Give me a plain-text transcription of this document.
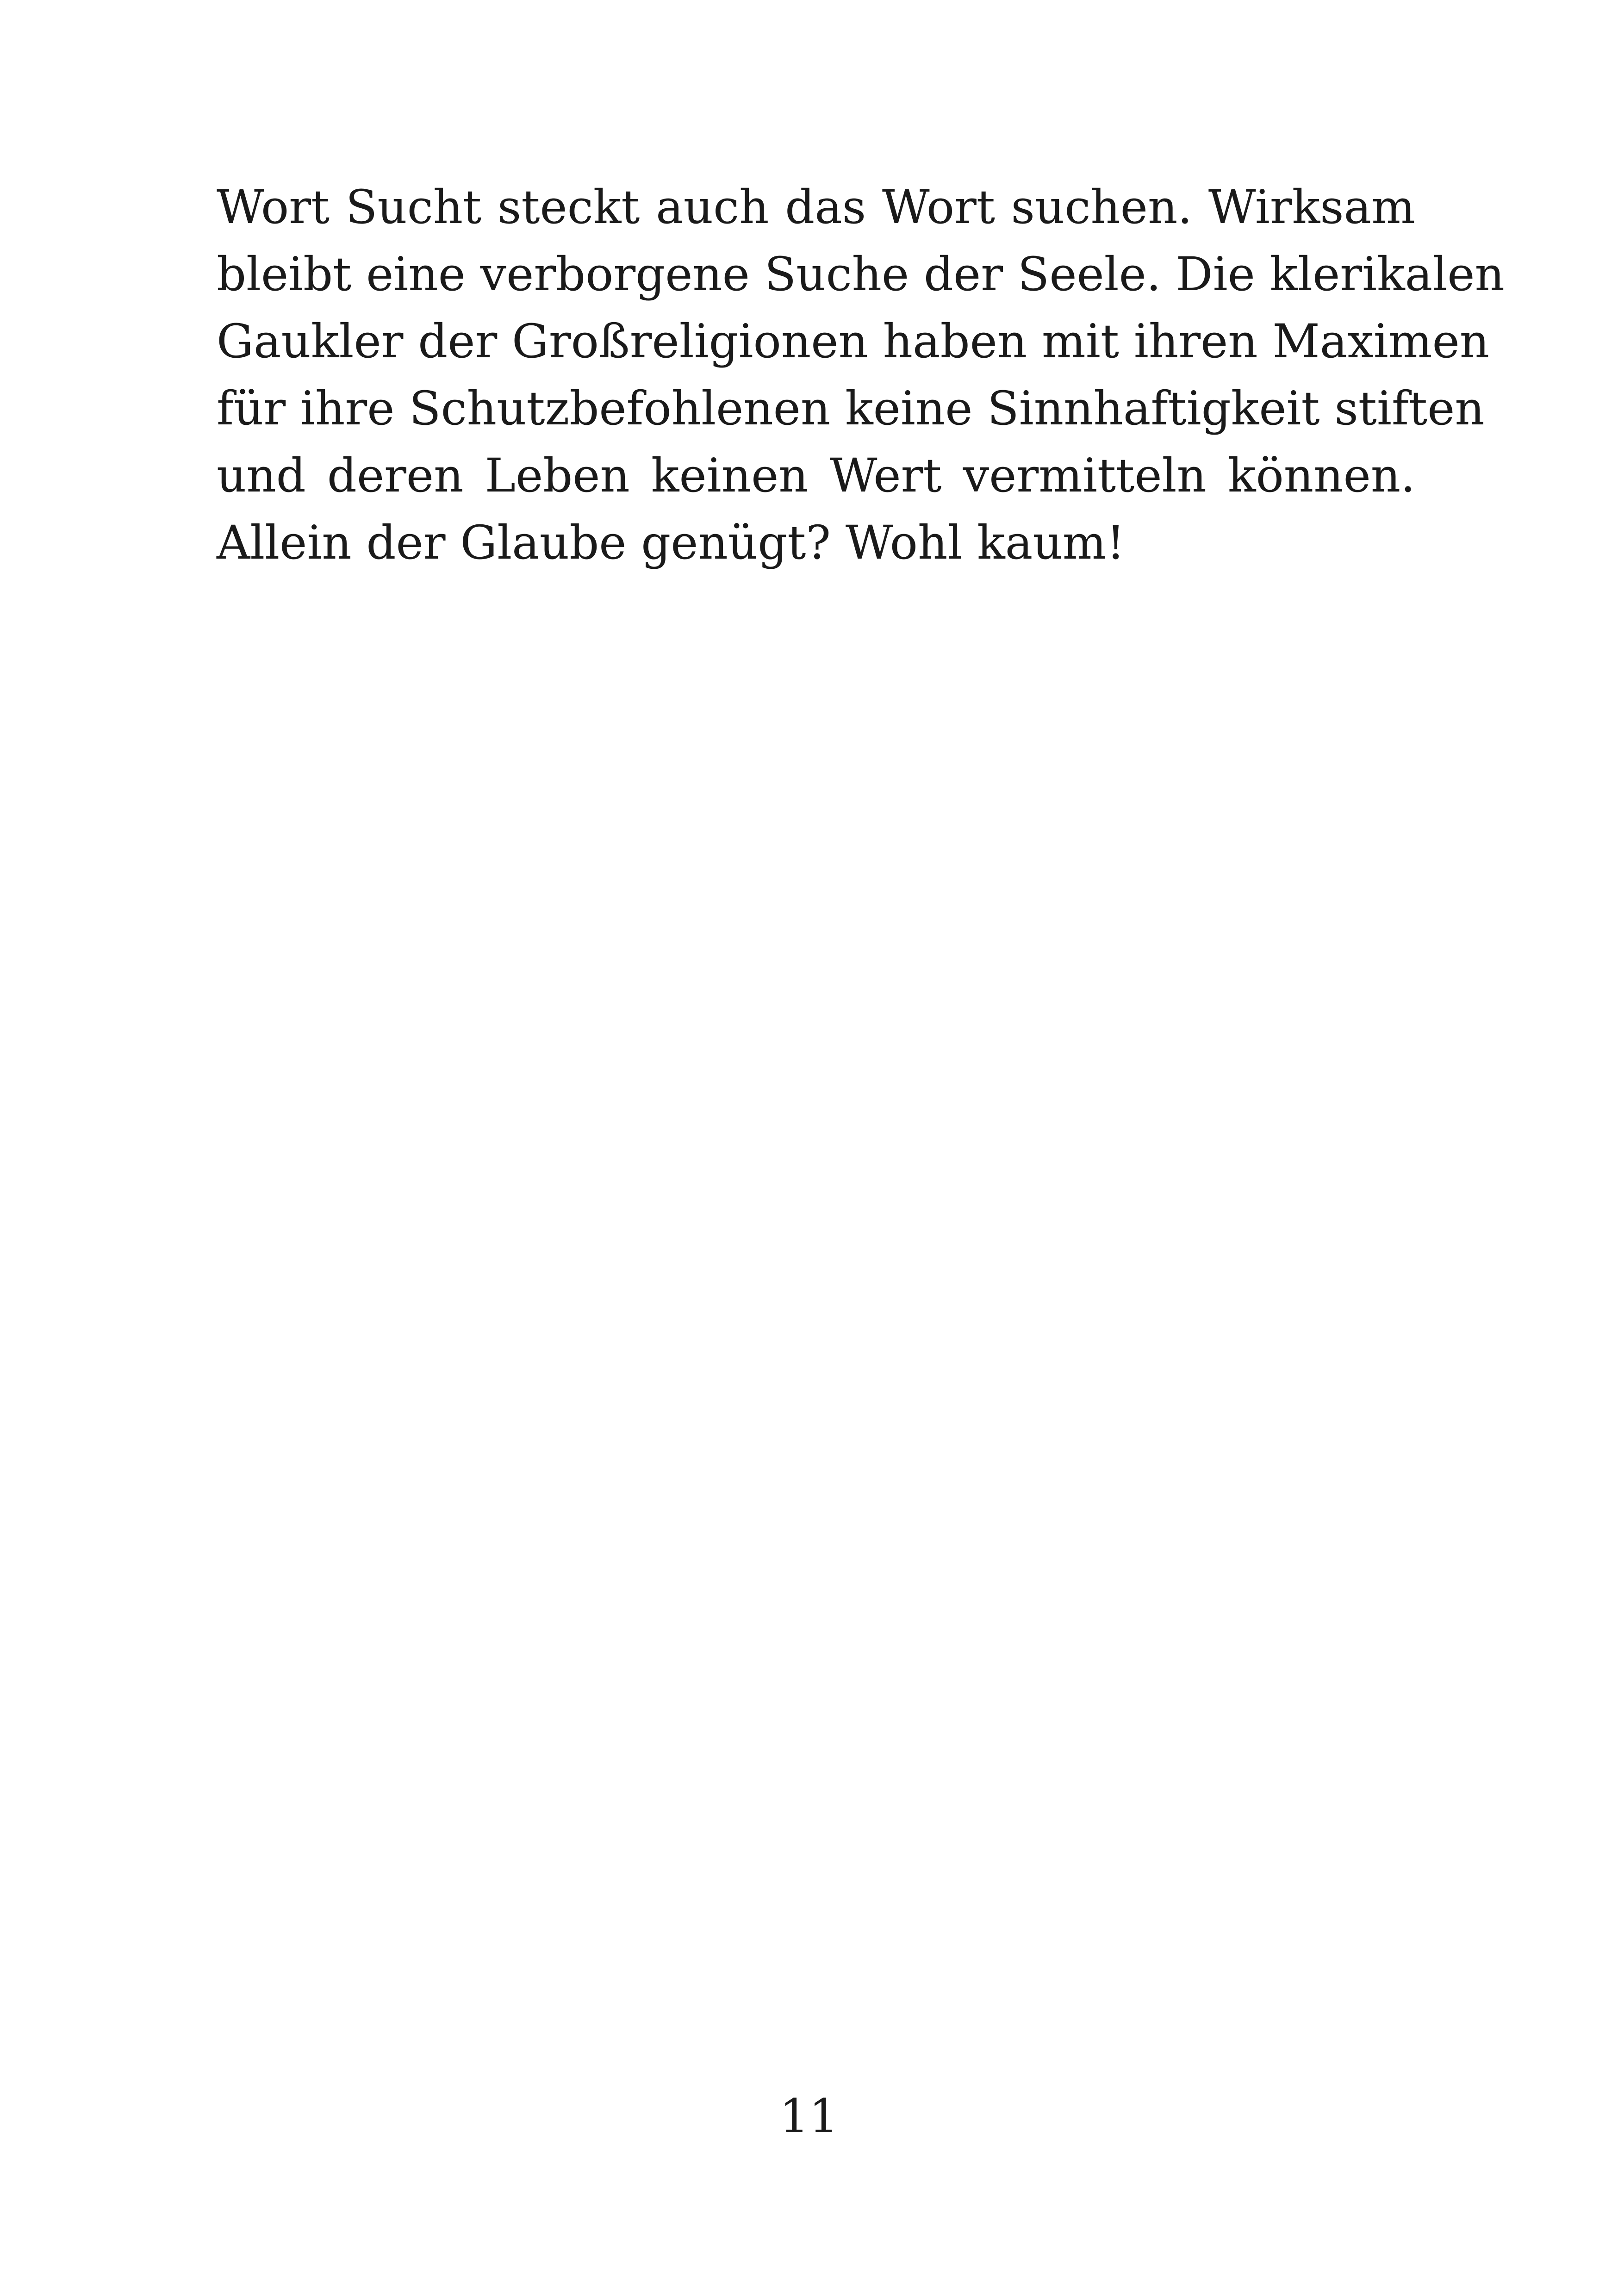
Wort Sucht steckt auch das Wort suchen. Wirksam
bleibt eine verborgene Suche der Seele. Die klerikalen
Gaukler der Großreligionen haben mit ihren Maximen
für ihre Schutzbefohlenen keine Sinnhaftigkeit stiften
und deren Leben keinen Wert vermitteln können.
Allein der Glaube genügt? Wohl kaum!
11
